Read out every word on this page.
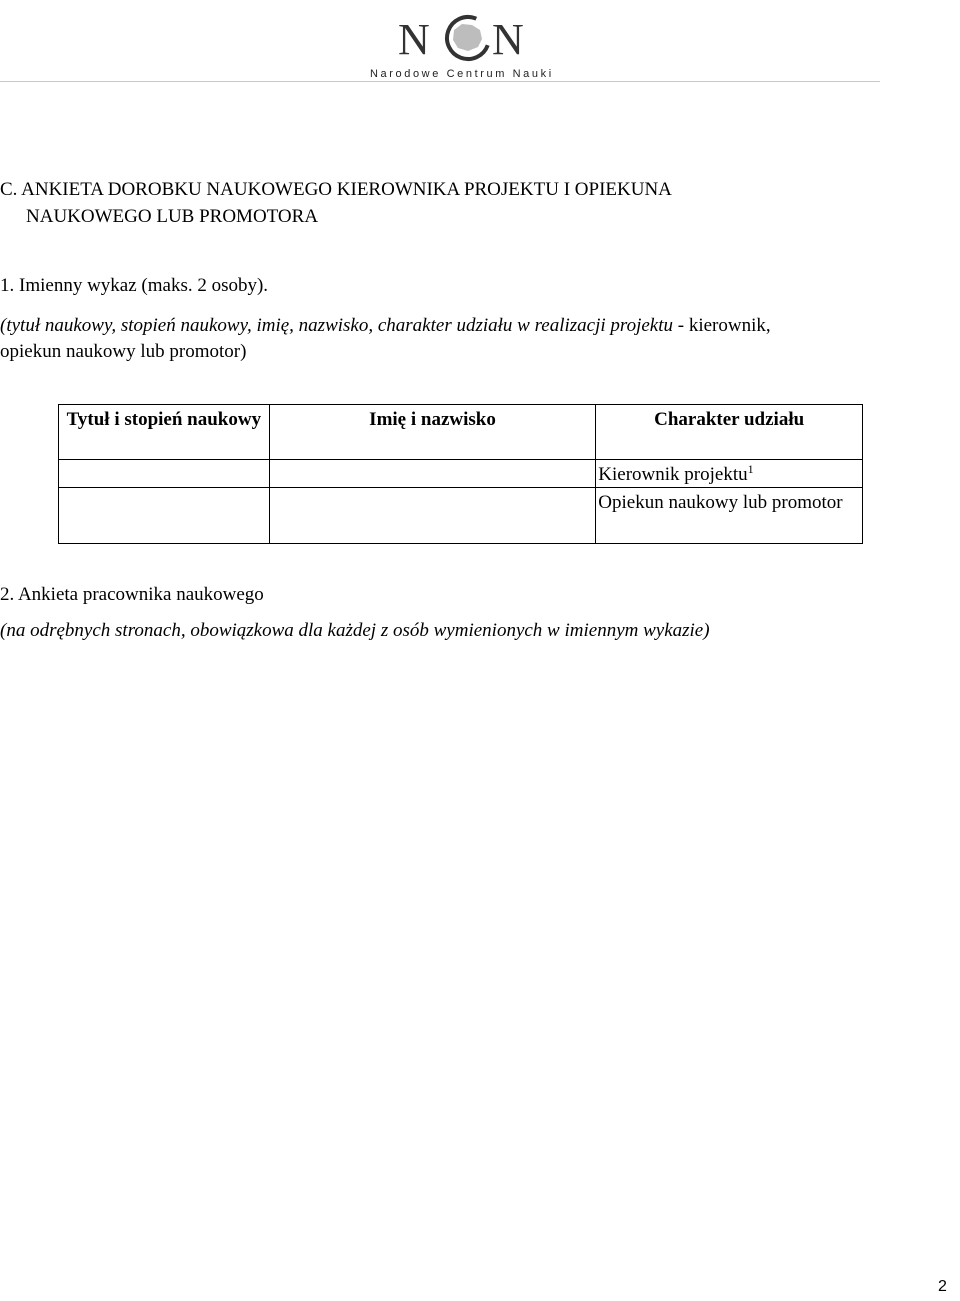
N N
Narodowe Centrum Nauki
C. ANKIETA DOROBKU NAUKOWEGO KIEROWNIKA PROJEKTU I OPIEKUNA
NAUKOWEGO LUB PROMOTORA
1. Imienny wykaz (maks. 2 osoby).
(tytuł naukowy, stopień naukowy, imię, nazwisko, charakter udziału w realizacji projektu - kierownik,
opiekun naukowy lub promotor)
Tytuł i stopień naukowy	Imię i nazwisko	Charakter udziału
		Kierownik projektu$^1$
		Opiekun naukowy lub promotor
2. Ankieta pracownika naukowego
(na odrębnych stronach, obowiązkowa dla każdej z osób wymienionych w imiennym wykazie)
2
